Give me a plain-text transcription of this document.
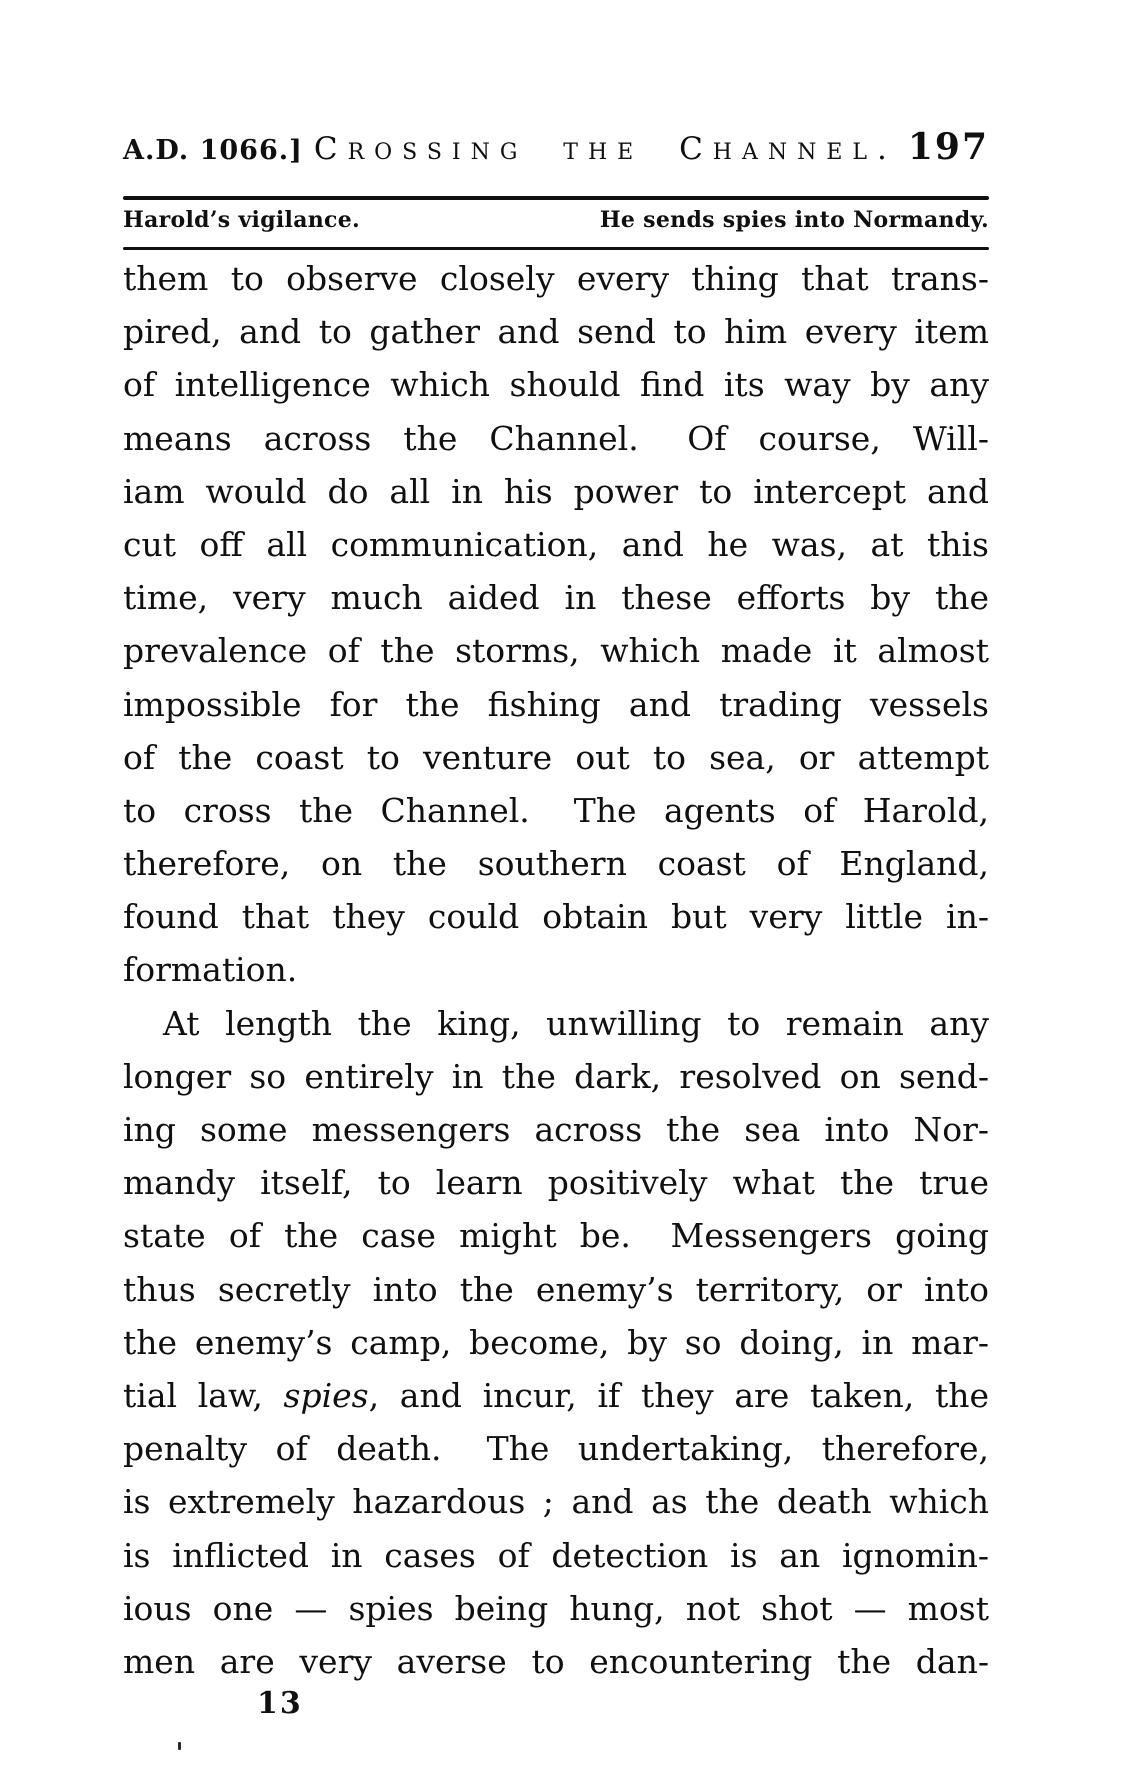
A.D. 1066.] Crossing the Channel. 197
Harold’s vigilance.	He sends spies into Normandy.
them to observe closely every thing that trans-
pired, and to gather and send to him every item
of intelligence which should find its way by any
means across the Channel.  Of course, Will-
iam would do all in his power to intercept and
cut off all communication, and he was, at this
time, very much aided in these efforts by the
prevalence of the storms, which made it almost
impossible for the fishing and trading vessels
of the coast to venture out to sea, or attempt
to cross the Channel.  The agents of Harold,
therefore, on the southern coast of England,
found that they could obtain but very little in-
formation.
At length the king, unwilling to remain any
longer so entirely in the dark, resolved on send-
ing some messengers across the sea into Nor-
mandy itself, to learn positively what the true
state of the case might be.  Messengers going
thus secretly into the enemy’s territory, or into
the enemy’s camp, become, by so doing, in mar-
tial law, spies, and incur, if they are taken, the
penalty of death.  The undertaking, therefore,
is extremely hazardous ; and as the death which
is inflicted in cases of detection is an ignomin-
ious one — spies being hung, not shot — most
men are very averse to encountering the dan-
13
